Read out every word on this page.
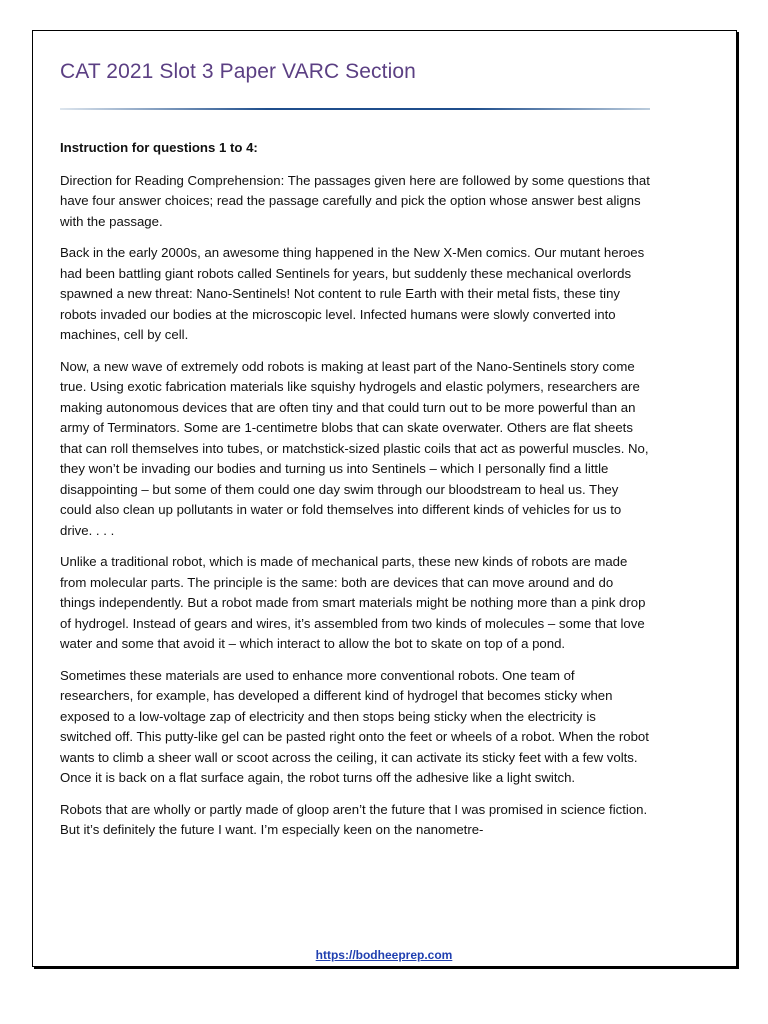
CAT 2021 Slot 3 Paper VARC Section

Instruction for questions 1 to 4:

Direction for Reading Comprehension: The passages given here are followed by some questions that have four answer choices; read the passage carefully and pick the option whose answer best aligns with the passage.

Back in the early 2000s, an awesome thing happened in the New X-Men comics. Our mutant heroes had been battling giant robots called Sentinels for years, but suddenly these mechanical overlords spawned a new threat: Nano-Sentinels! Not content to rule Earth with their metal fists, these tiny robots invaded our bodies at the microscopic level. Infected humans were slowly converted into machines, cell by cell.

Now, a new wave of extremely odd robots is making at least part of the Nano-Sentinels story come true. Using exotic fabrication materials like squishy hydrogels and elastic polymers, researchers are making autonomous devices that are often tiny and that could turn out to be more powerful than an army of Terminators. Some are 1-centimetre blobs that can skate overwater. Others are flat sheets that can roll themselves into tubes, or matchstick-sized plastic coils that act as powerful muscles. No, they won’t be invading our bodies and turning us into Sentinels – which I personally find a little disappointing – but some of them could one day swim through our bloodstream to heal us. They could also clean up pollutants in water or fold themselves into different kinds of vehicles for us to drive. . . .

Unlike a traditional robot, which is made of mechanical parts, these new kinds of robots are made from molecular parts. The principle is the same: both are devices that can move around and do things independently. But a robot made from smart materials might be nothing more than a pink drop of hydrogel. Instead of gears and wires, it’s assembled from two kinds of molecules – some that love water and some that avoid it – which interact to allow the bot to skate on top of a pond.

Sometimes these materials are used to enhance more conventional robots. One team of researchers, for example, has developed a different kind of hydrogel that becomes sticky when exposed to a low-voltage zap of electricity and then stops being sticky when the electricity is switched off. This putty-like gel can be pasted right onto the feet or wheels of a robot. When the robot wants to climb a sheer wall or scoot across the ceiling, it can activate its sticky feet with a few volts. Once it is back on a flat surface again, the robot turns off the adhesive like a light switch.

Robots that are wholly or partly made of gloop aren’t the future that I was promised in science fiction. But it’s definitely the future I want. I’m especially keen on the nanometre-

https://bodheeprep.com
